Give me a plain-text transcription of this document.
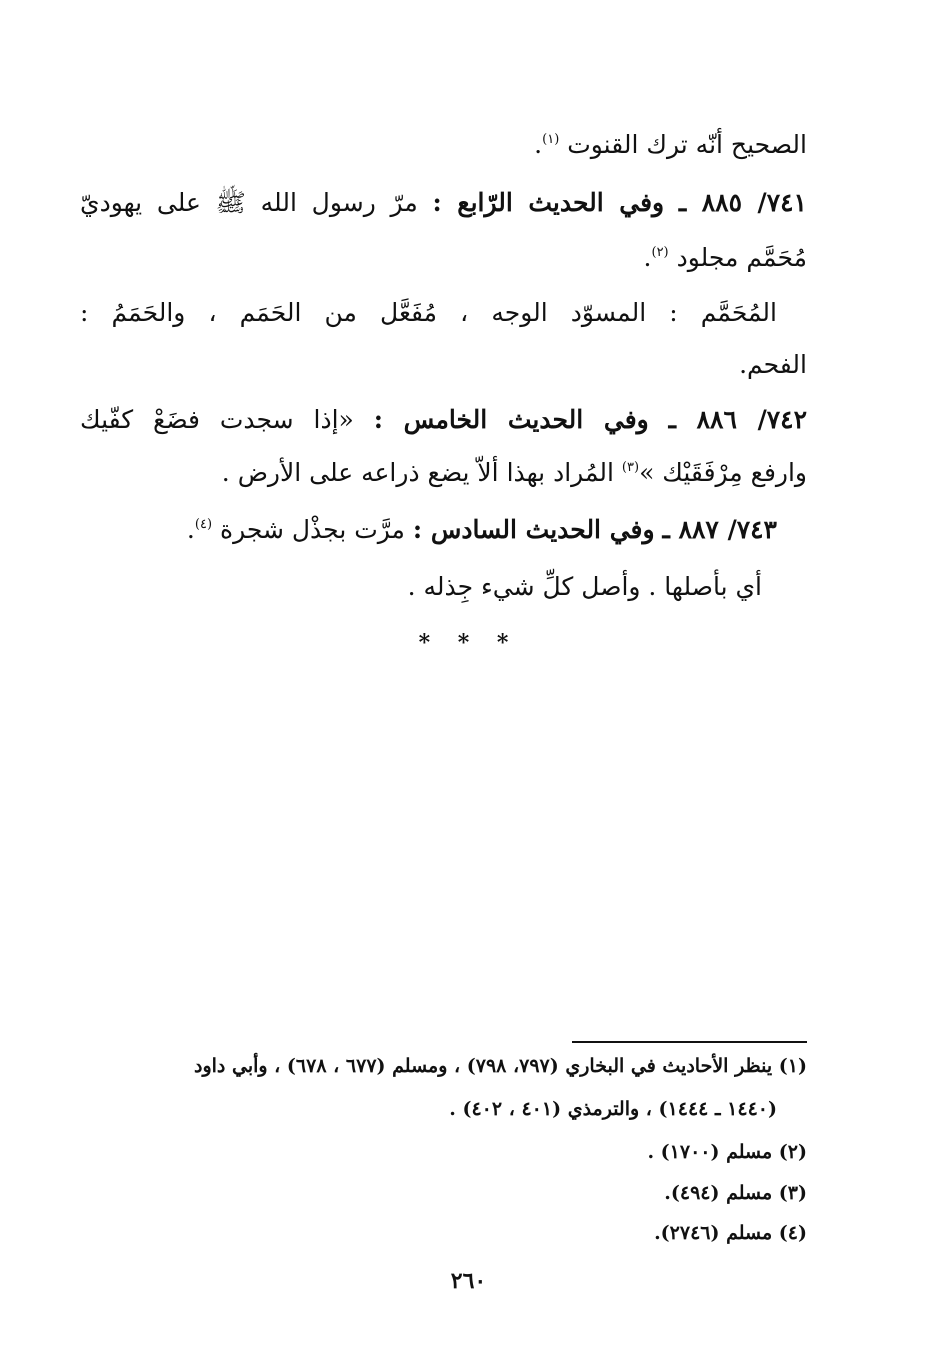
الصحيح أنّه ترك القنوت $^{(١)}$.
٧٤١/ ٨٨٥ ـ وفي الحديث الرّابع : مرّ رسول الله ﷺ على يهوديّ
مُحَمَّم مجلود $^{(٢)}$.
المُحَمَّم : المسوّد الوجه ، مُفَعَّل من الحَمَم ، والحَمَمُ :
الفحم.
٧٤٢/ ٨٨٦ ـ وفي الحديث الخامس : «إذا سجدت فضَعْ كفّيك
وارفع مِرْفَقَيْك »$^{(٣)}$ المُراد بهذا ألاّ يضع ذراعه على الأرض .
٧٤٣/ ٨٨٧ ـ وفي الحديث السادس : مرَّت بجذْل شجرة $^{(٤)}$.
أي بأصلها . وأصل كلِّ شيء جِذله .
* * *
(١) ينظر الأحاديث في البخاري (٧٩٧، ٧٩٨) ، ومسلم (٦٧٧ ، ٦٧٨) ، وأبي داود
(١٤٤٠ ـ ١٤٤٤) ، والترمذي (٤٠١ ، ٤٠٢) .
(٢) مسلم (١٧٠٠) .
(٣) مسلم (٤٩٤).
(٤) مسلم (٢٧٤٦).
٢٦٠
